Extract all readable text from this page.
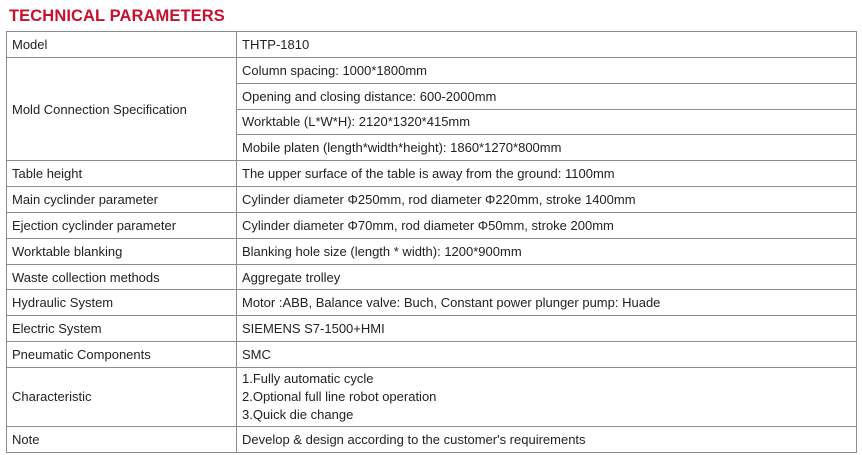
TECHNICAL PARAMETERS
Model	THTP-1810
Mold Connection Specification	Column spacing: 1000*1800mm
	Opening and closing distance: 600-2000mm
	Worktable (L*W*H): 2120*1320*415mm
	Mobile platen (length*width*height): 1860*1270*800mm
Table height	The upper surface of the table is away from the ground: 1100mm
Main cyclinder parameter	Cylinder diameter Φ250mm, rod diameter Φ220mm, stroke 1400mm
Ejection cyclinder parameter	Cylinder diameter Φ70mm, rod diameter Φ50mm, stroke 200mm
Worktable blanking	Blanking hole size (length * width): 1200*900mm
Waste collection methods	Aggregate trolley
Hydraulic System	Motor :ABB, Balance valve: Buch, Constant power plunger pump: Huade
Electric System	SIEMENS S7-1500+HMI
Pneumatic Components	SMC
Characteristic	1.Fully automatic cycle
2.Optional full line robot operation
3.Quick die change

Note	Develop & design according to the customer's requirements
